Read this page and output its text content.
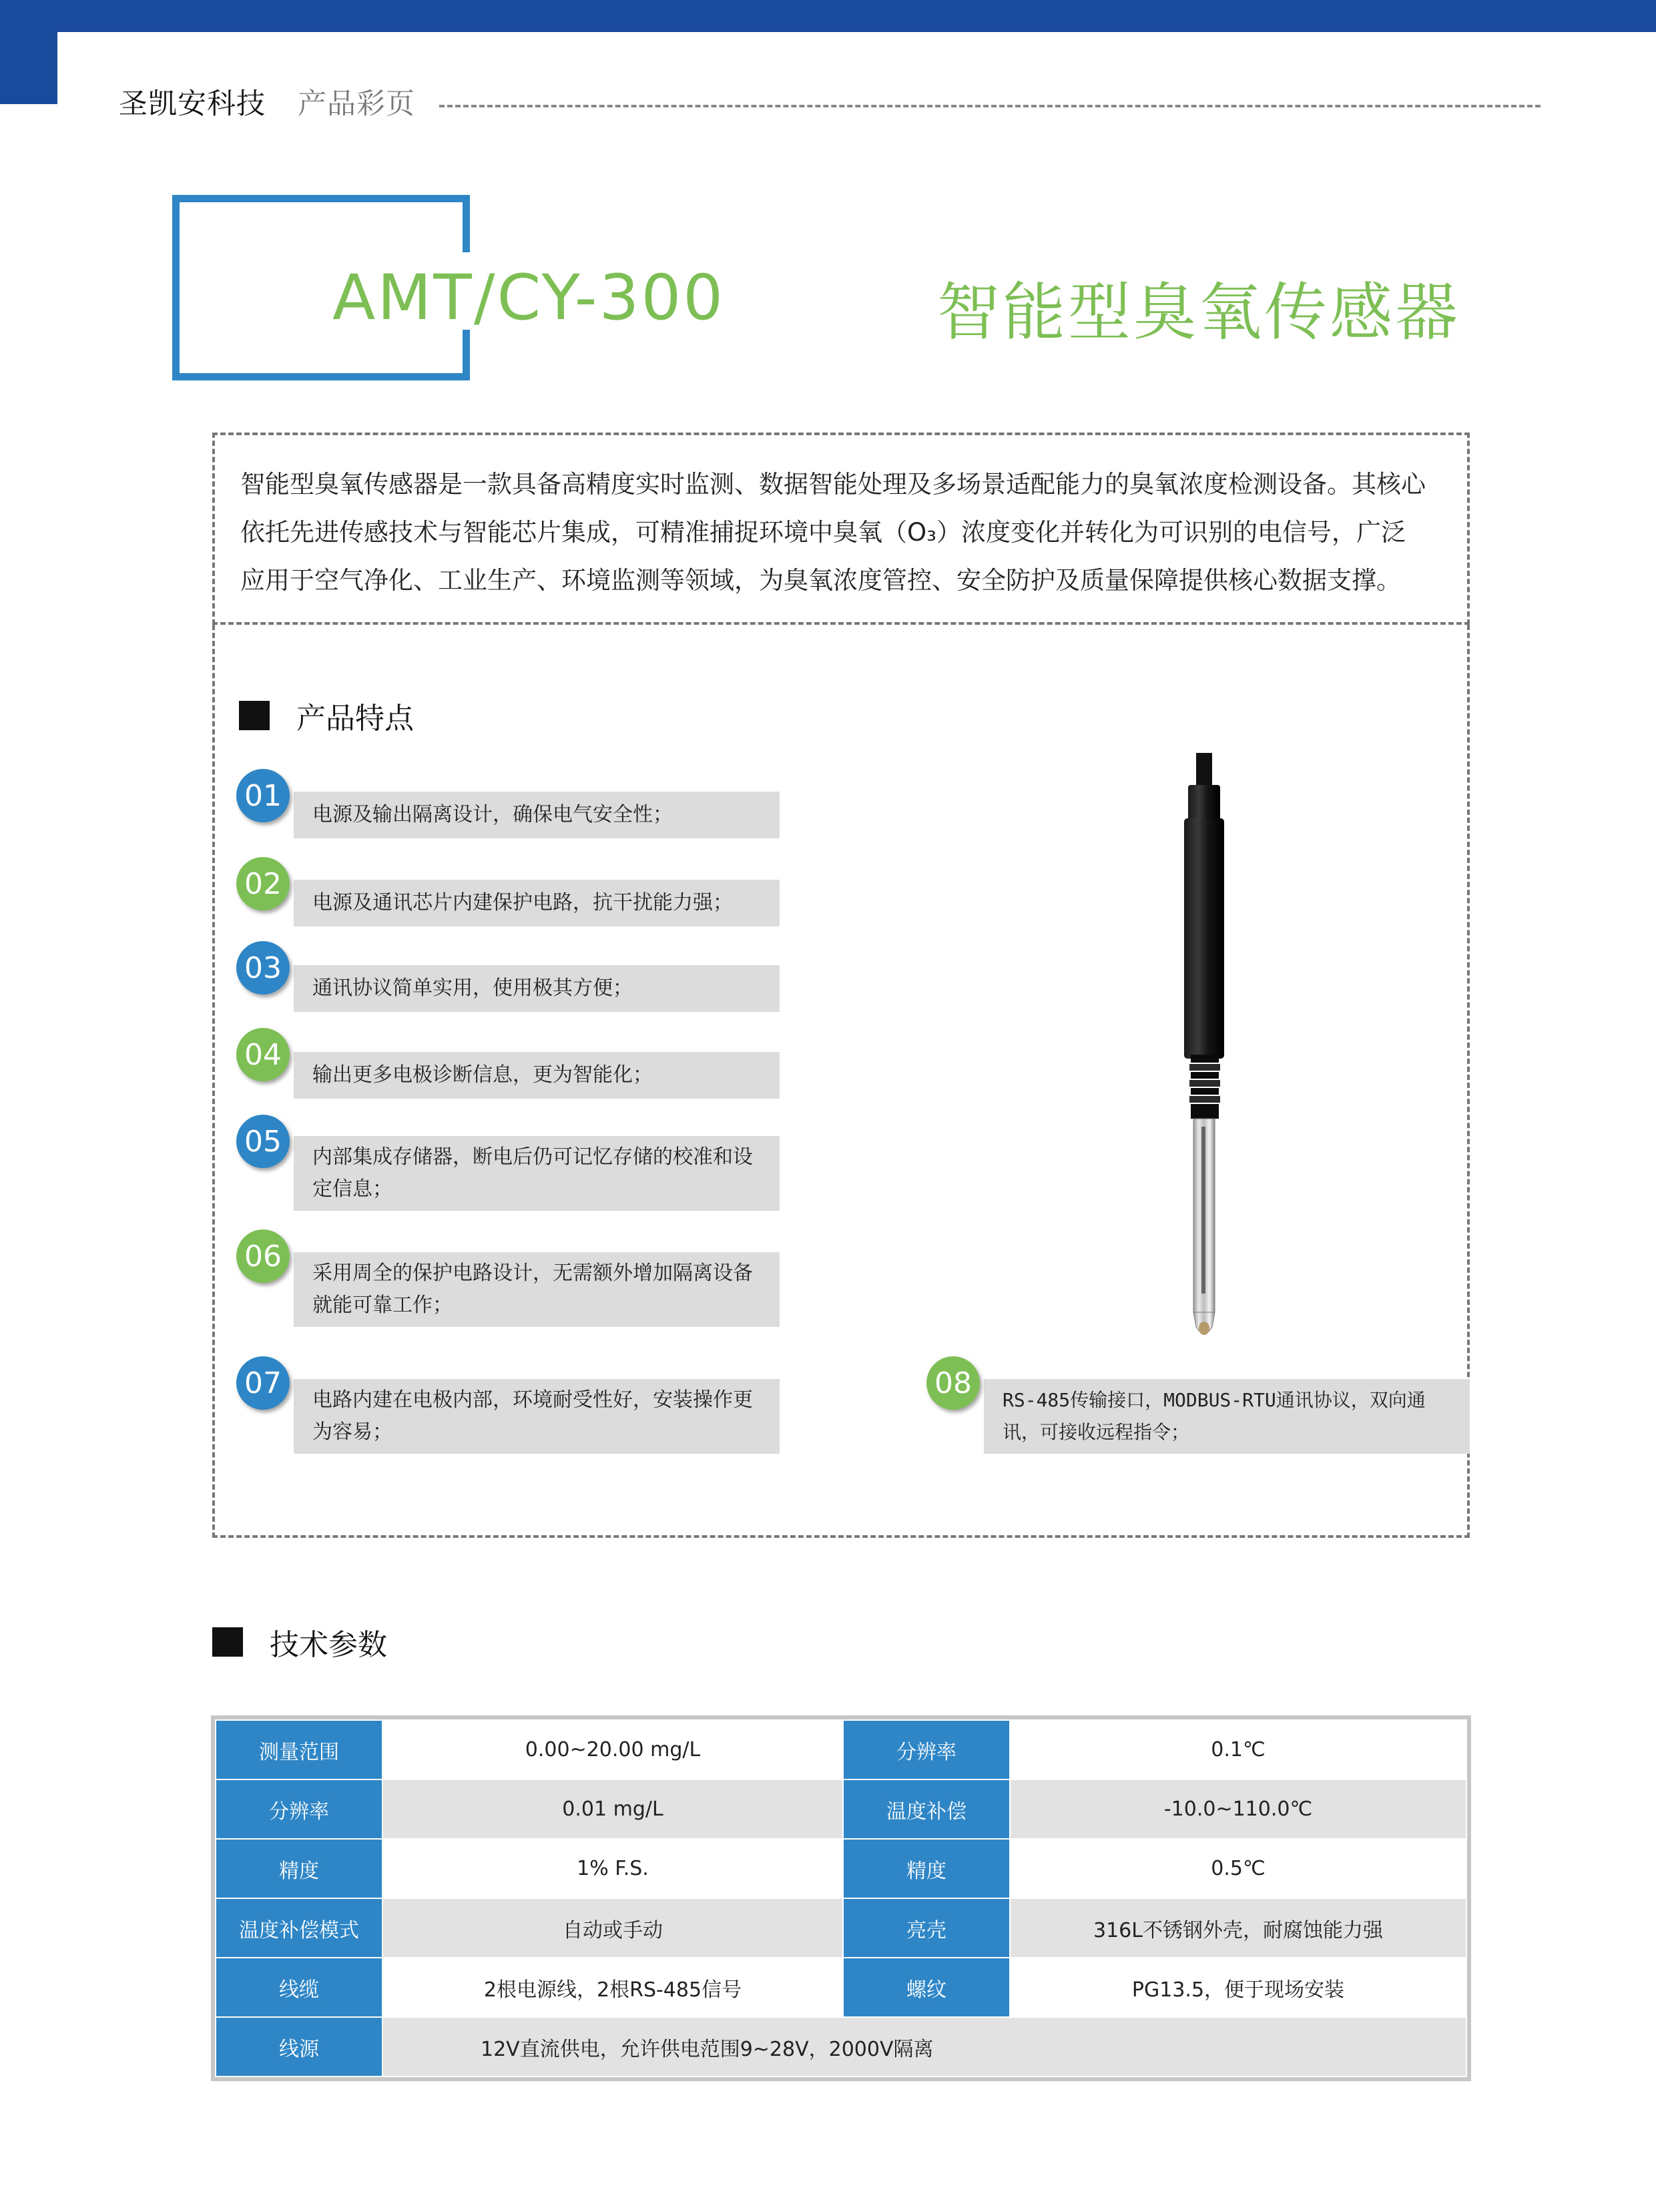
圣凯安科技 产品彩页
AMT/CY-300	智能型臭氧传感器
智能型臭氧传感器是一款具备高精度实时监测、数据智能处理及多场景适配能力的臭氧浓度检测设备。其核心
依托先进传感技术与智能芯片集成，可精准捕捉环境中臭氧（O₃）浓度变化并转化为可识别的电信号，广泛
应用于空气净化、工业生产、环境监测等领域，为臭氧浓度管控、安全防护及质量保障提供核心数据支撑。
产品特点
电源及输出隔离设计，确保电气安全性；
01
电源及通讯芯片内建保护电路，抗干扰能力强；
02
通讯协议简单实用，使用极其方便；
03
输出更多电极诊断信息，更为智能化；
04
内部集成存储器，断电后仍可记忆存储的校准和设定信息；
05
采用周全的保护电路设计，无需额外增加隔离设备就能可靠工作；
06
电路内建在电极内部，环境耐受性好，安装操作更为容易；
07	RS-485传输接口，MODBUS-RTU通讯协议，双向通讯，可接收远程指令；
08
技术参数
测量范围	0.00~20.00 mg/L	分辨率	0.1℃
分辨率	0.01 mg/L	温度补偿	-10.0~110.0℃
精度	1% F.S.	精度	0.5℃
温度补偿模式	自动或手动	亮壳	316L不锈钢外壳，耐腐蚀能力强
线缆	2根电源线，2根RS-485信号	螺纹	PG13.5，便于现场安装
线源	12V直流供电，允许供电范围9~28V，2000V隔离		
